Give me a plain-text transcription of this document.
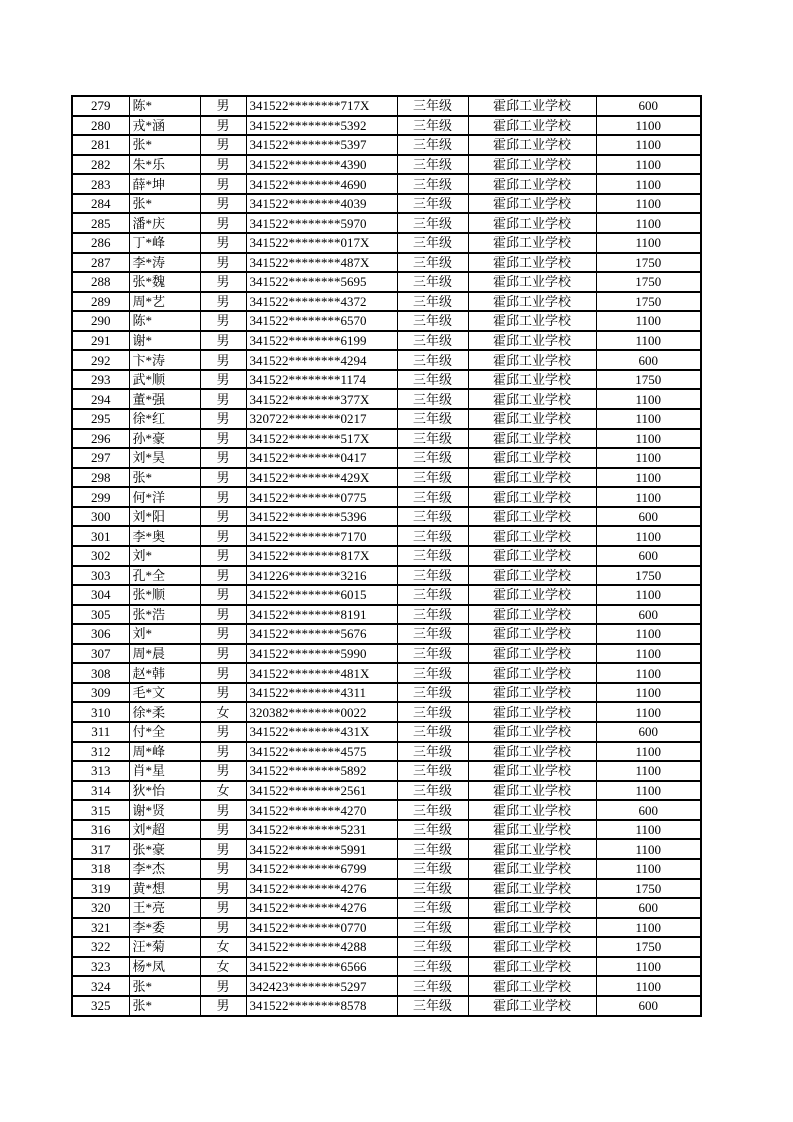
279	陈*	男	341522********717X	三年级	霍邱工业学校	600
280	戎*涵	男	341522********5392	三年级	霍邱工业学校	1100
281	张*	男	341522********5397	三年级	霍邱工业学校	1100
282	朱*乐	男	341522********4390	三年级	霍邱工业学校	1100
283	薛*坤	男	341522********4690	三年级	霍邱工业学校	1100
284	张*	男	341522********4039	三年级	霍邱工业学校	1100
285	潘*庆	男	341522********5970	三年级	霍邱工业学校	1100
286	丁*峰	男	341522********017X	三年级	霍邱工业学校	1100
287	李*涛	男	341522********487X	三年级	霍邱工业学校	1750
288	张*魏	男	341522********5695	三年级	霍邱工业学校	1750
289	周*艺	男	341522********4372	三年级	霍邱工业学校	1750
290	陈*	男	341522********6570	三年级	霍邱工业学校	1100
291	谢*	男	341522********6199	三年级	霍邱工业学校	1100
292	卞*涛	男	341522********4294	三年级	霍邱工业学校	600
293	武*顺	男	341522********1174	三年级	霍邱工业学校	1750
294	董*强	男	341522********377X	三年级	霍邱工业学校	1100
295	徐*红	男	320722********0217	三年级	霍邱工业学校	1100
296	孙*豪	男	341522********517X	三年级	霍邱工业学校	1100
297	刘*昊	男	341522********0417	三年级	霍邱工业学校	1100
298	张*	男	341522********429X	三年级	霍邱工业学校	1100
299	何*洋	男	341522********0775	三年级	霍邱工业学校	1100
300	刘*阳	男	341522********5396	三年级	霍邱工业学校	600
301	李*奥	男	341522********7170	三年级	霍邱工业学校	1100
302	刘*	男	341522********817X	三年级	霍邱工业学校	600
303	孔*全	男	341226********3216	三年级	霍邱工业学校	1750
304	张*顺	男	341522********6015	三年级	霍邱工业学校	1100
305	张*浩	男	341522********8191	三年级	霍邱工业学校	600
306	刘*	男	341522********5676	三年级	霍邱工业学校	1100
307	周*晨	男	341522********5990	三年级	霍邱工业学校	1100
308	赵*韩	男	341522********481X	三年级	霍邱工业学校	1100
309	毛*文	男	341522********4311	三年级	霍邱工业学校	1100
310	徐*柔	女	320382********0022	三年级	霍邱工业学校	1100
311	付*全	男	341522********431X	三年级	霍邱工业学校	600
312	周*峰	男	341522********4575	三年级	霍邱工业学校	1100
313	肖*星	男	341522********5892	三年级	霍邱工业学校	1100
314	狄*怡	女	341522********2561	三年级	霍邱工业学校	1100
315	谢*贤	男	341522********4270	三年级	霍邱工业学校	600
316	刘*超	男	341522********5231	三年级	霍邱工业学校	1100
317	张*豪	男	341522********5991	三年级	霍邱工业学校	1100
318	李*杰	男	341522********6799	三年级	霍邱工业学校	1100
319	黄*想	男	341522********4276	三年级	霍邱工业学校	1750
320	王*亮	男	341522********4276	三年级	霍邱工业学校	600
321	李*委	男	341522********0770	三年级	霍邱工业学校	1100
322	汪*菊	女	341522********4288	三年级	霍邱工业学校	1750
323	杨*凤	女	341522********6566	三年级	霍邱工业学校	1100
324	张*	男	342423********5297	三年级	霍邱工业学校	1100
325	张*	男	341522********8578	三年级	霍邱工业学校	600
